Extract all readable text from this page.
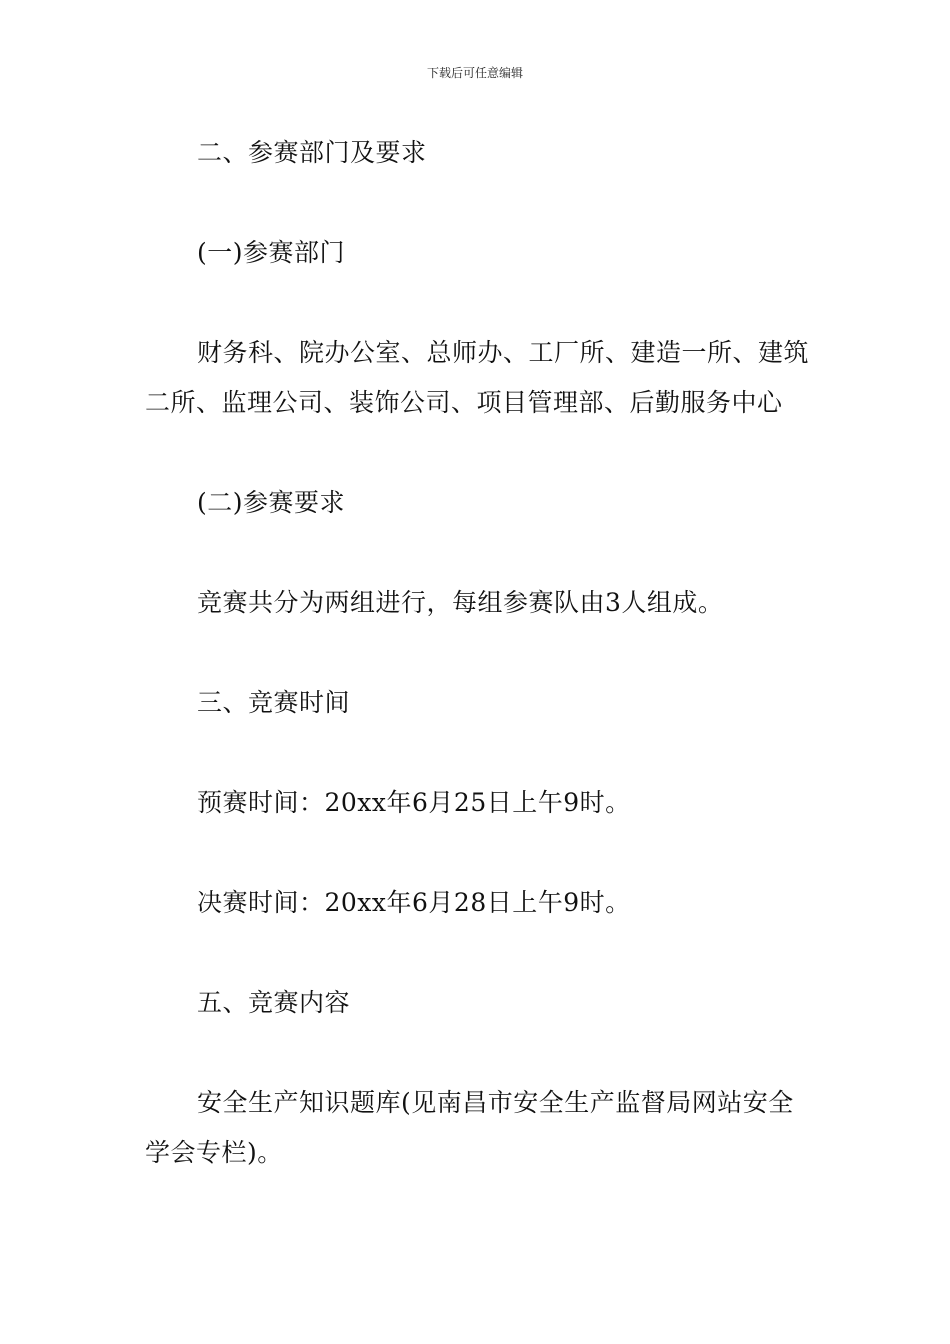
下载后可任意编辑

二、参赛部门及要求

(一)参赛部门

财务科、院办公室、总师办、工厂所、建造一所、建筑二所、监理公司、装饰公司、项目管理部、后勤服务中心

(二)参赛要求

竞赛共分为两组进行，每组参赛队由3人组成。

三、竞赛时间

预赛时间：20xx年6月25日上午9时。

决赛时间：20xx年6月28日上午9时。

五、竞赛内容

安全生产知识题库(见南昌市安全生产监督局网站安全学会专栏)。
